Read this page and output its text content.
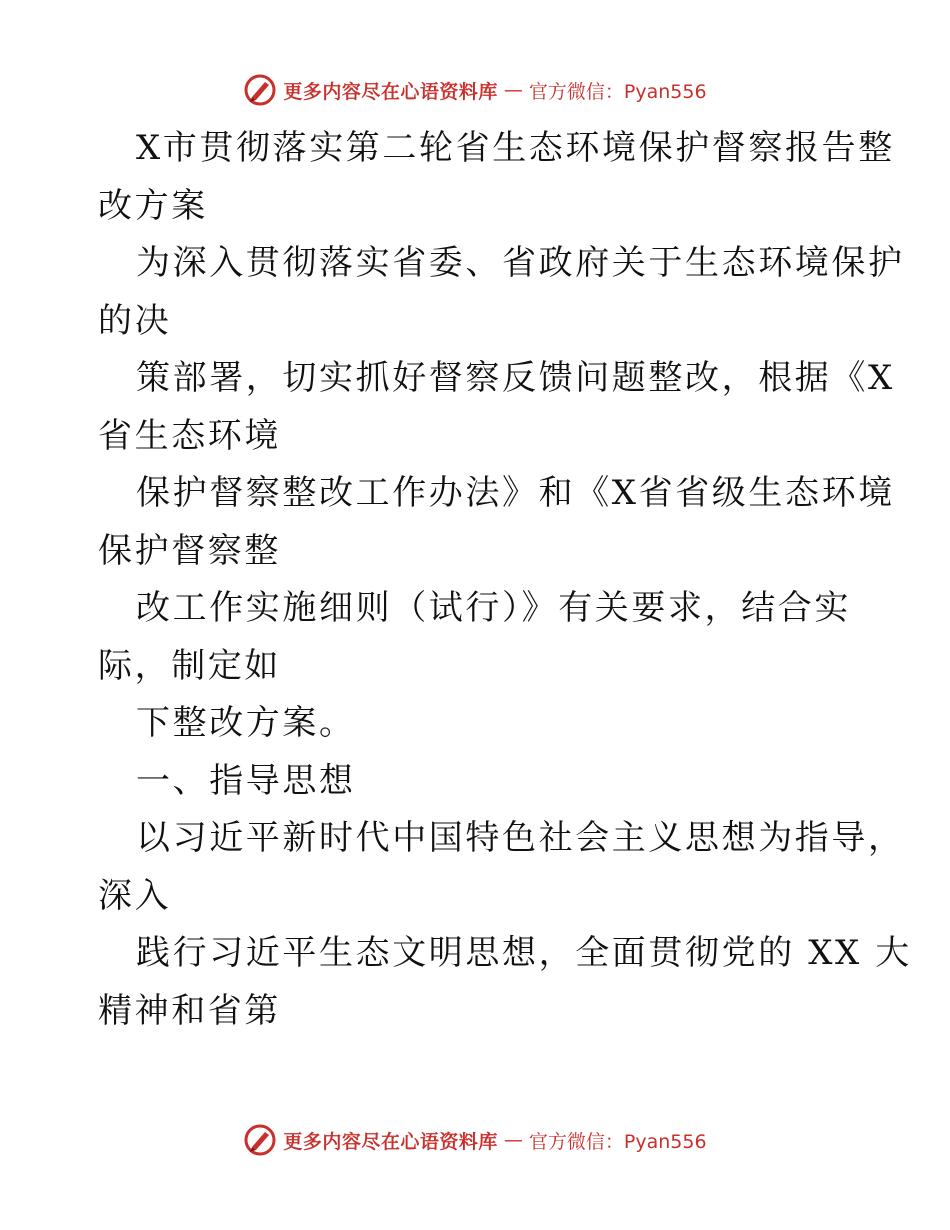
更多内容尽在心语资料库 — 官方微信：Pyan556
X市贯彻落实第二轮省生态环境保护督察报告整
改方案
为深入贯彻落实省委、省政府关于生态环境保护
的决
策部署，切实抓好督察反馈问题整改，根据《X
省生态环境
保护督察整改工作办法》和《X省省级生态环境
保护督察整
改工作实施细则（试行）》有关要求，结合实
际，制定如
下整改方案。
一、指导思想
以习近平新时代中国特色社会主义思想为指导，
深入
践行习近平生态文明思想，全面贯彻党的 XX 大
精神和省第
更多内容尽在心语资料库 — 官方微信：Pyan556
